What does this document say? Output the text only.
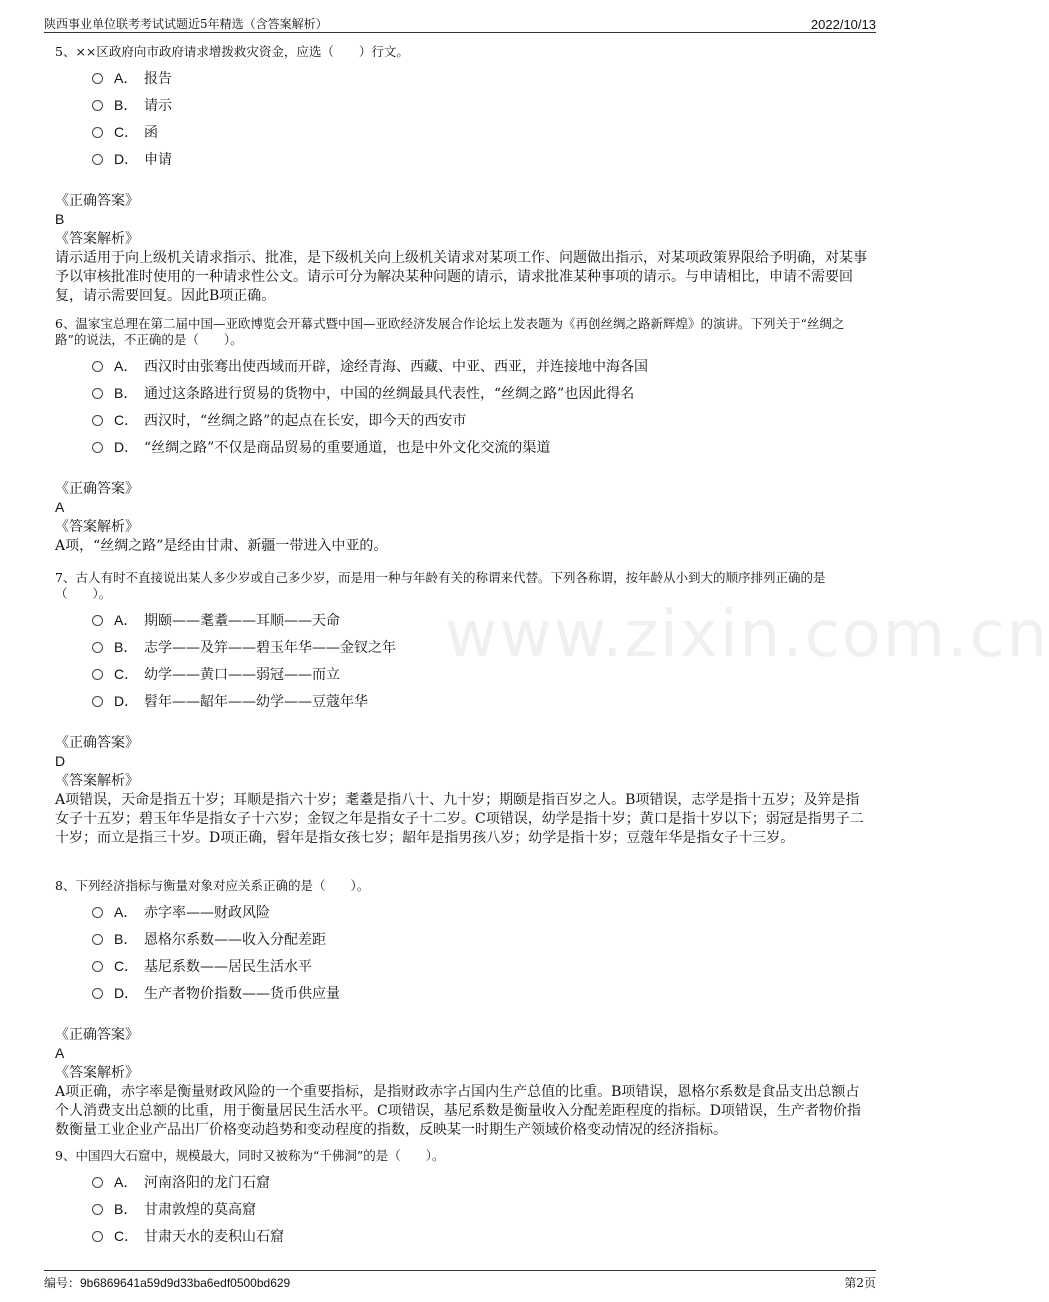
陕西事业单位联考考试试题近5年精选（含答案解析）	2022/10/13
www.zixin.com.cn

5、××区政府向市政府请求增拨救灾资金，应选（　　）行文。

A． 报告
B． 请示
C． 函
D． 申请
《正确答案》
B
《答案解析》
请示适用于向上级机关请求指示、批准，是下级机关向上级机关请求对某项工作、问题做出指示，对某项政策界限给予明确，对某事予以审核批准时使用的一种请求性公文。请示可分为解决某种问题的请示，请求批准某种事项的请示。与申请相比，申请不需要回复，请示需要回复。因此B项正确。

6、温家宝总理在第二届中国—亚欧博览会开幕式暨中国—亚欧经济发展合作论坛上发表题为《再创丝绸之路新辉煌》的演讲。下列关于“丝绸之路”的说法，不正确的是（　　）。

A． 西汉时由张骞出使西域而开辟，途经青海、西藏、中亚、西亚，并连接地中海各国
B． 通过这条路进行贸易的货物中，中国的丝绸最具代表性，“丝绸之路”也因此得名
C． 西汉时，“丝绸之路”的起点在长安，即今天的西安市
D． “丝绸之路”不仅是商品贸易的重要通道，也是中外文化交流的渠道
《正确答案》
A
《答案解析》
A项，“丝绸之路”是经由甘肃、新疆一带进入中亚的。

7、古人有时不直接说出某人多少岁或自己多少岁，而是用一种与年龄有关的称谓来代替。下列各称谓，按年龄从小到大的顺序排列正确的是（　　）。

A． 期颐——耄耋——耳顺——天命
B． 志学——及笄——碧玉年华——金钗之年
C． 幼学——黄口——弱冠——而立
D． 髫年——龆年——幼学——豆蔻年华
《正确答案》
D
《答案解析》
A项错误，天命是指五十岁；耳顺是指六十岁；耄耋是指八十、九十岁；期颐是指百岁之人。B项错误，志学是指十五岁；及笄是指女子十五岁；碧玉年华是指女子十六岁；金钗之年是指女子十二岁。C项错误，幼学是指十岁；黄口是指十岁以下；弱冠是指男子二十岁；而立是指三十岁。D项正确，髫年是指女孩七岁；龆年是指男孩八岁；幼学是指十岁；豆蔻年华是指女子十三岁。

8、下列经济指标与衡量对象对应关系正确的是（　　）。

A． 赤字率——财政风险
B． 恩格尔系数——收入分配差距
C． 基尼系数——居民生活水平
D． 生产者物价指数——货币供应量
《正确答案》
A
《答案解析》
A项正确，赤字率是衡量财政风险的一个重要指标，是指财政赤字占国内生产总值的比重。B项错误，恩格尔系数是食品支出总额占个人消费支出总额的比重，用于衡量居民生活水平。C项错误，基尼系数是衡量收入分配差距程度的指标。D项错误，生产者物价指数衡量工业企业产品出厂价格变动趋势和变动程度的指数，反映某一时期生产领域价格变动情况的经济指标。

9、中国四大石窟中，规模最大，同时又被称为“千佛洞”的是（　　）。

A． 河南洛阳的龙门石窟
B． 甘肃敦煌的莫高窟
C． 甘肃天水的麦积山石窟
编号：9b6869641a59d9d33ba6edf0500bd629	第2页
